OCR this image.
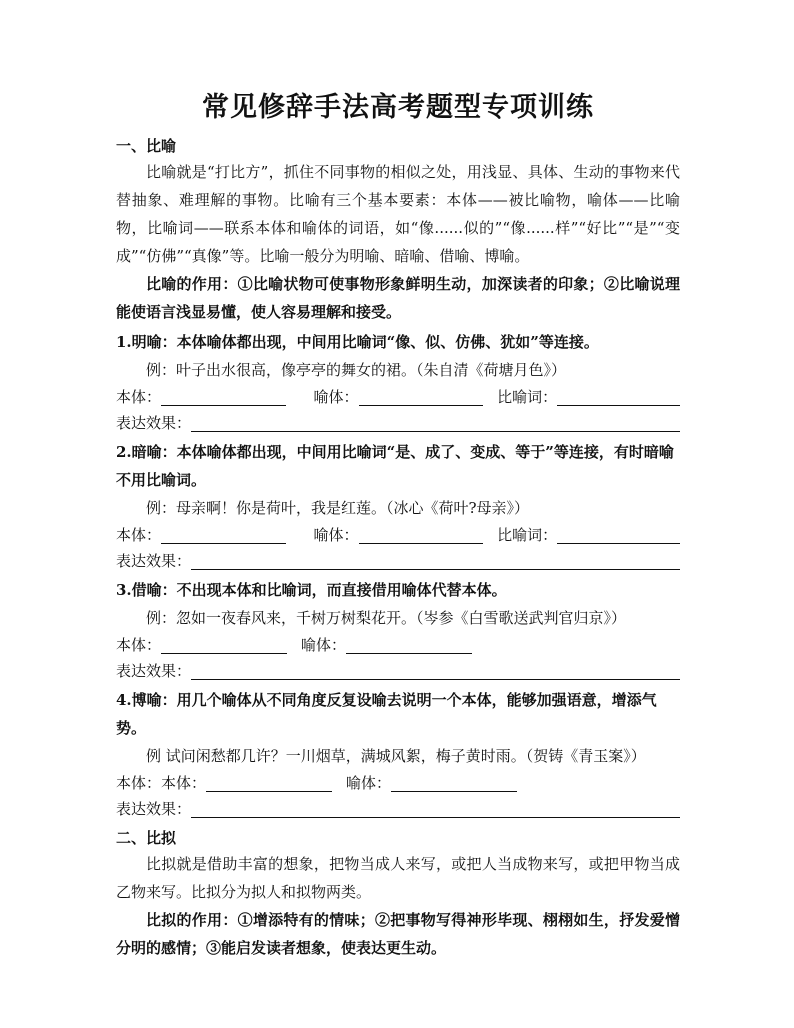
常见修辞手法高考题型专项训练
一、比喻

比喻就是“打比方”，抓住不同事物的相似之处，用浅显、具体、生动的事物来代替抽象、难理解的事物。比喻有三个基本要素：本体——被比喻物，喻体——比喻物，比喻词——联系本体和喻体的词语，如“像......似的”“像......样”“好比”“是”“变成”“仿佛”“真像”等。比喻一般分为明喻、暗喻、借喻、博喻。

比喻的作用：①比喻状物可使事物形象鲜明生动，加深读者的印象；②比喻说理能使语言浅显易懂，使人容易理解和接受。

1.明喻：本体喻体都出现，中间用比喻词“像、似、仿佛、犹如”等连接。
例：叶子出水很高，像亭亭的舞女的裙。（朱自清《荷塘月色》）
本体：	喻体：	比喻词：
表达效果：
2.暗喻：本体喻体都出现，中间用比喻词“是、成了、变成、等于”等连接，有时暗喻不用比喻词。
例：母亲啊！你是荷叶，我是红莲。（冰心《荷叶?母亲》）
本体：	喻体：	比喻词：
表达效果：
3.借喻：不出现本体和比喻词，而直接借用喻体代替本体。
例：忽如一夜春风来，千树万树梨花开。（岑参《白雪歌送武判官归京》）
本体：	喻体：
表达效果：
4.博喻：用几个喻体从不同角度反复设喻去说明一个本体，能够加强语意，增添气势。
例 试问闲愁都几许？一川烟草，满城风絮，梅子黄时雨。（贺铸《青玉案》）
本体：本体：	喻体：
表达效果：
二、比拟

比拟就是借助丰富的想象，把物当成人来写，或把人当成物来写，或把甲物当成乙物来写。比拟分为拟人和拟物两类。

比拟的作用：①增添特有的情味；②把事物写得神形毕现、栩栩如生，抒发爱憎分明的感情；③能启发读者想象，使表达更生动。
